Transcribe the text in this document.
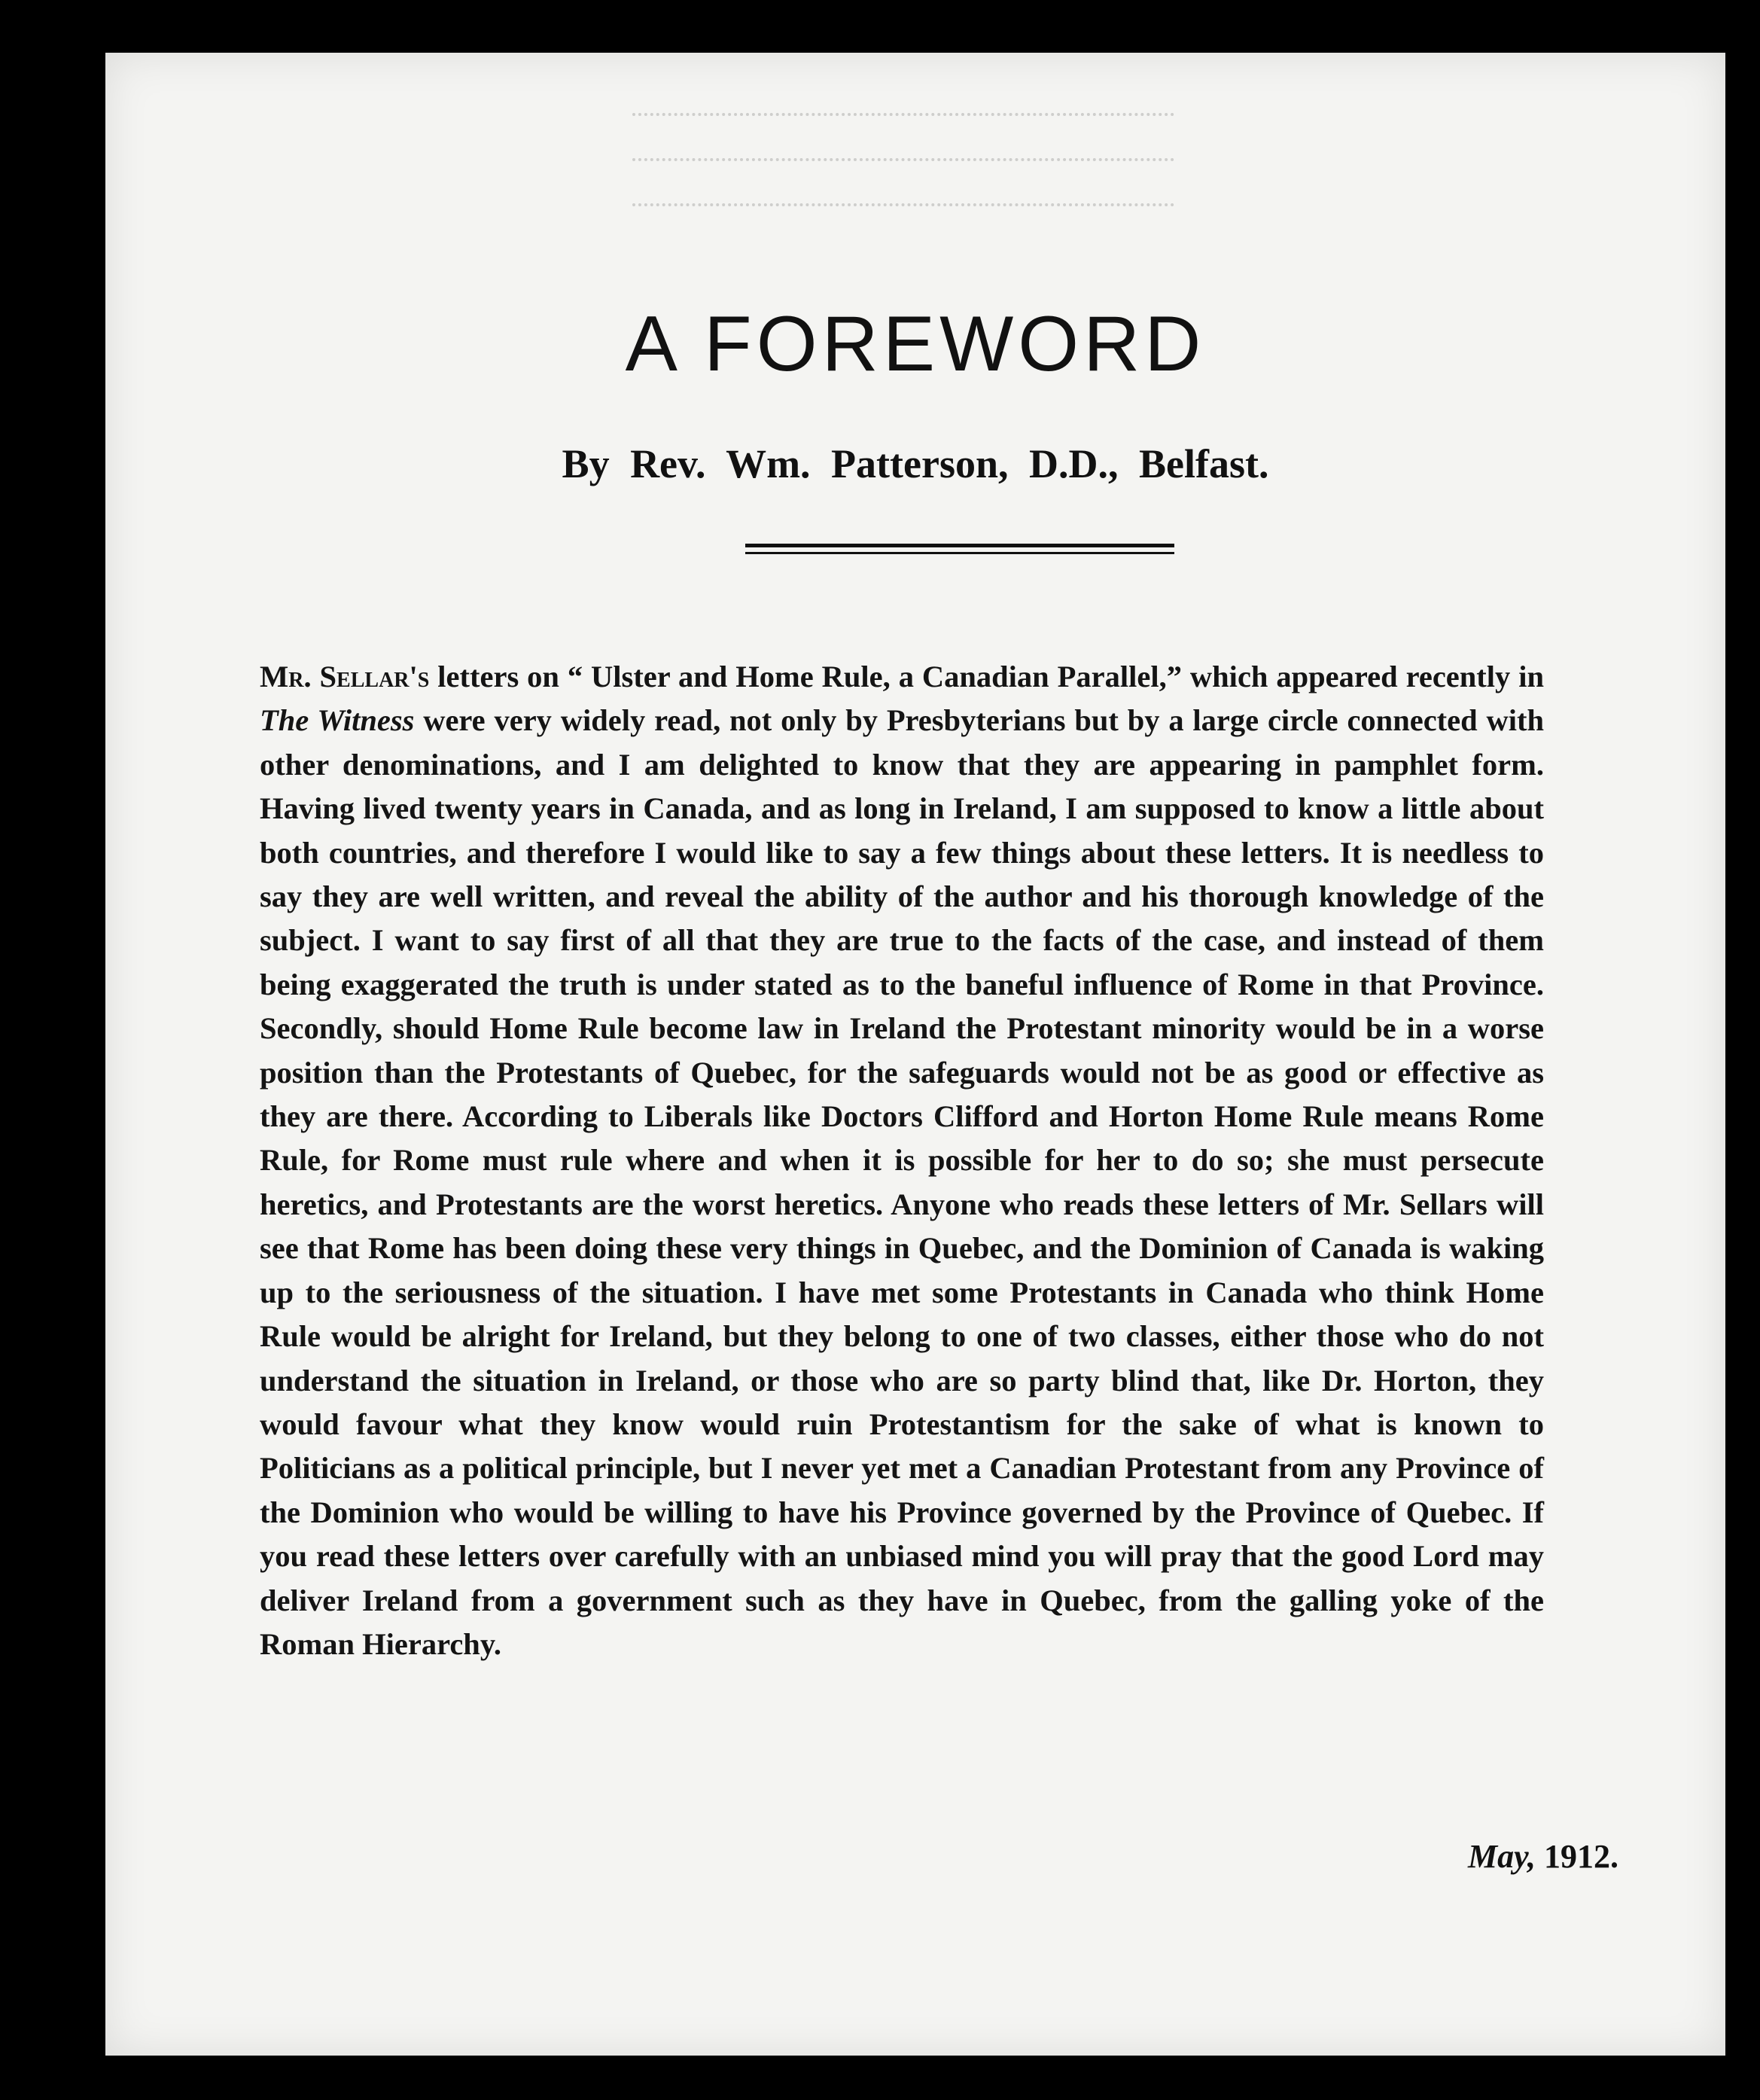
A FOREWORD
By Rev. Wm. Patterson, D.D., Belfast.

Mr. Sellar's letters on “ Ulster and Home Rule, a Canadian Parallel,” which appeared recently in The Witness were very widely read, not only by Presbyterians but by a large circle connected with other denominations, and I am delighted to know that they are appearing in pamphlet form. Having lived twenty years in Canada, and as long in Ireland, I am supposed to know a little about both countries, and therefore I would like to say a few things about these letters. It is needless to say they are well written, and reveal the ability of the author and his thorough knowledge of the subject. I want to say first of all that they are true to the facts of the case, and instead of them being exaggerated the truth is under stated as to the baneful influence of Rome in that Province. Secondly, should Home Rule become law in Ireland the Protestant minority would be in a worse position than the Protestants of Quebec, for the safeguards would not be as good or effective as they are there. According to Liberals like Doctors Clifford and Horton Home Rule means Rome Rule, for Rome must rule where and when it is possible for her to do so; she must persecute heretics, and Protestants are the worst heretics. Anyone who reads these letters of Mr. Sellars will see that Rome has been doing these very things in Quebec, and the Dominion of Canada is waking up to the seriousness of the situation. I have met some Protestants in Canada who think Home Rule would be alright for Ireland, but they belong to one of two classes, either those who do not understand the situation in Ireland, or those who are so party blind that, like Dr. Horton, they would favour what they know would ruin Protestantism for the sake of what is known to Politicians as a political principle, but I never yet met a Canadian Protestant from any Province of the Dominion who would be willing to have his Province governed by the Province of Quebec. If you read these letters over carefully with an unbiased mind you will pray that the good Lord may deliver Ireland from a government such as they have in Quebec, from the galling yoke of the Roman Hierarchy.

May, 1912.
